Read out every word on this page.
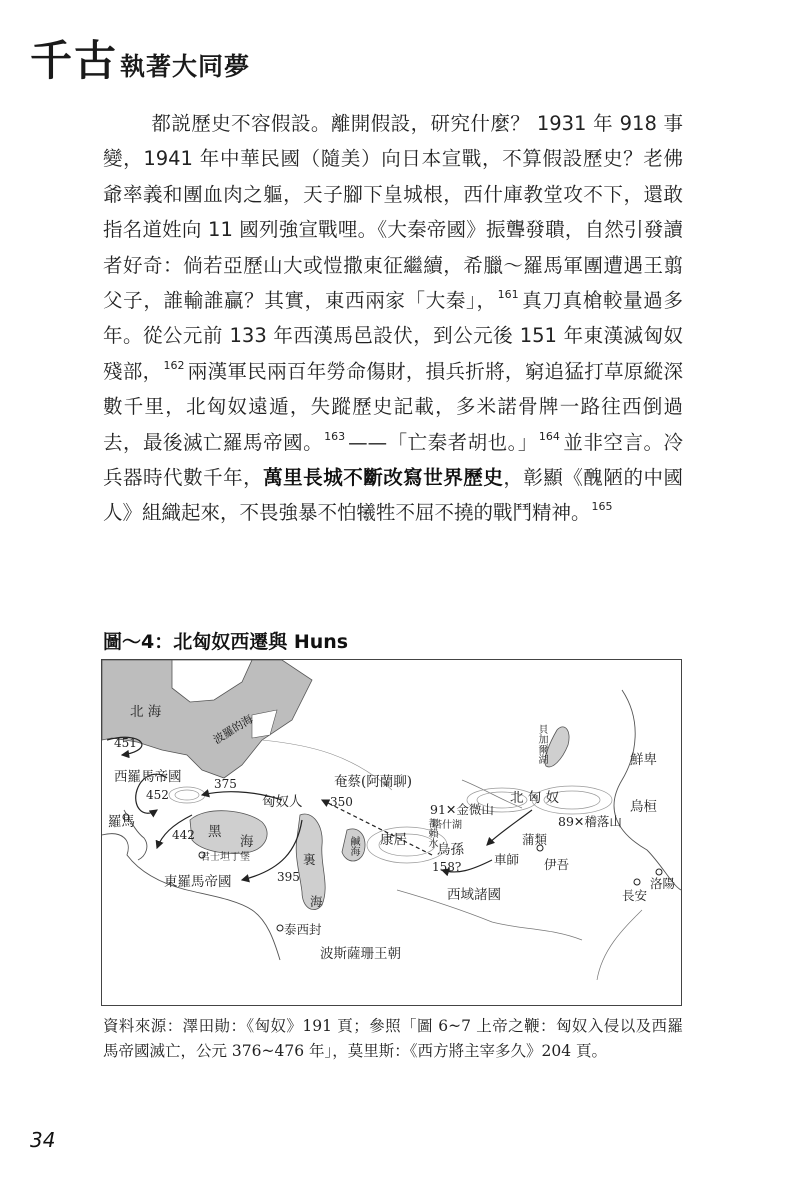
千古執著大同夢

都説歷史不容假設。離開假設，研究什麼？ 1931 年 918 事變，1941 年中華民國（隨美）向日本宣戰，不算假設歷史？老佛爺率義和團血肉之軀，天子腳下皇城根，西什庫教堂攻不下，還敢指名道姓向 11 國列強宣戰哩。《大秦帝國》振聾發聵，自然引發讀者好奇：倘若亞歷山大或愷撒東征繼續，希臘～羅馬軍團遭遇王翦父子，誰輸誰贏？其實，東西兩家「大秦」，$^{161}$ 真刀真槍較量過多年。從公元前 133 年西漢馬邑設伏，到公元後 151 年東漢滅匈奴殘部，$^{162}$ 兩漢軍民兩百年勞命傷財，損兵折將，窮追猛打草原縱深數千里，北匈奴遠遁，失蹤歷史記載，多米諾骨牌一路往西倒過去，最後滅亡羅馬帝國。$^{163}$ ——「亡秦者胡也。」$^{164}$ 並非空言。冷兵器時代數千年，萬里長城不斷改寫世界歷史，彰顯《醜陋的中國人》組織起來，不畏強暴不怕犧牲不屈不撓的戰鬥精神。$^{165}$

圖～4：北匈奴西遷與 Huns
北 海
波羅的海
451
西羅馬帝國
452
375
匈奴人
奄蔡(阿蘭聊)
350
羅馬
黑
海
442
君士坦丁堡
東羅馬帝國
裏
海
395
泰西封
波斯薩珊王朝
鹹海 康居
烏孫
158?
西域諸國
車師 伊吾
蒲類
91✕金微山
塔什湖
都賴水
北 匈 奴
89✕稽落山
貝加爾湖	鮮卑
烏桓
洛陽
長安
資料來源：澤田勛：《匈奴》191 頁；參照「圖 6~7 上帝之鞭：匈奴入侵以及西羅馬帝國滅亡，公元 376~476 年」，莫里斯：《西方將主宰多久》204 頁。
34
